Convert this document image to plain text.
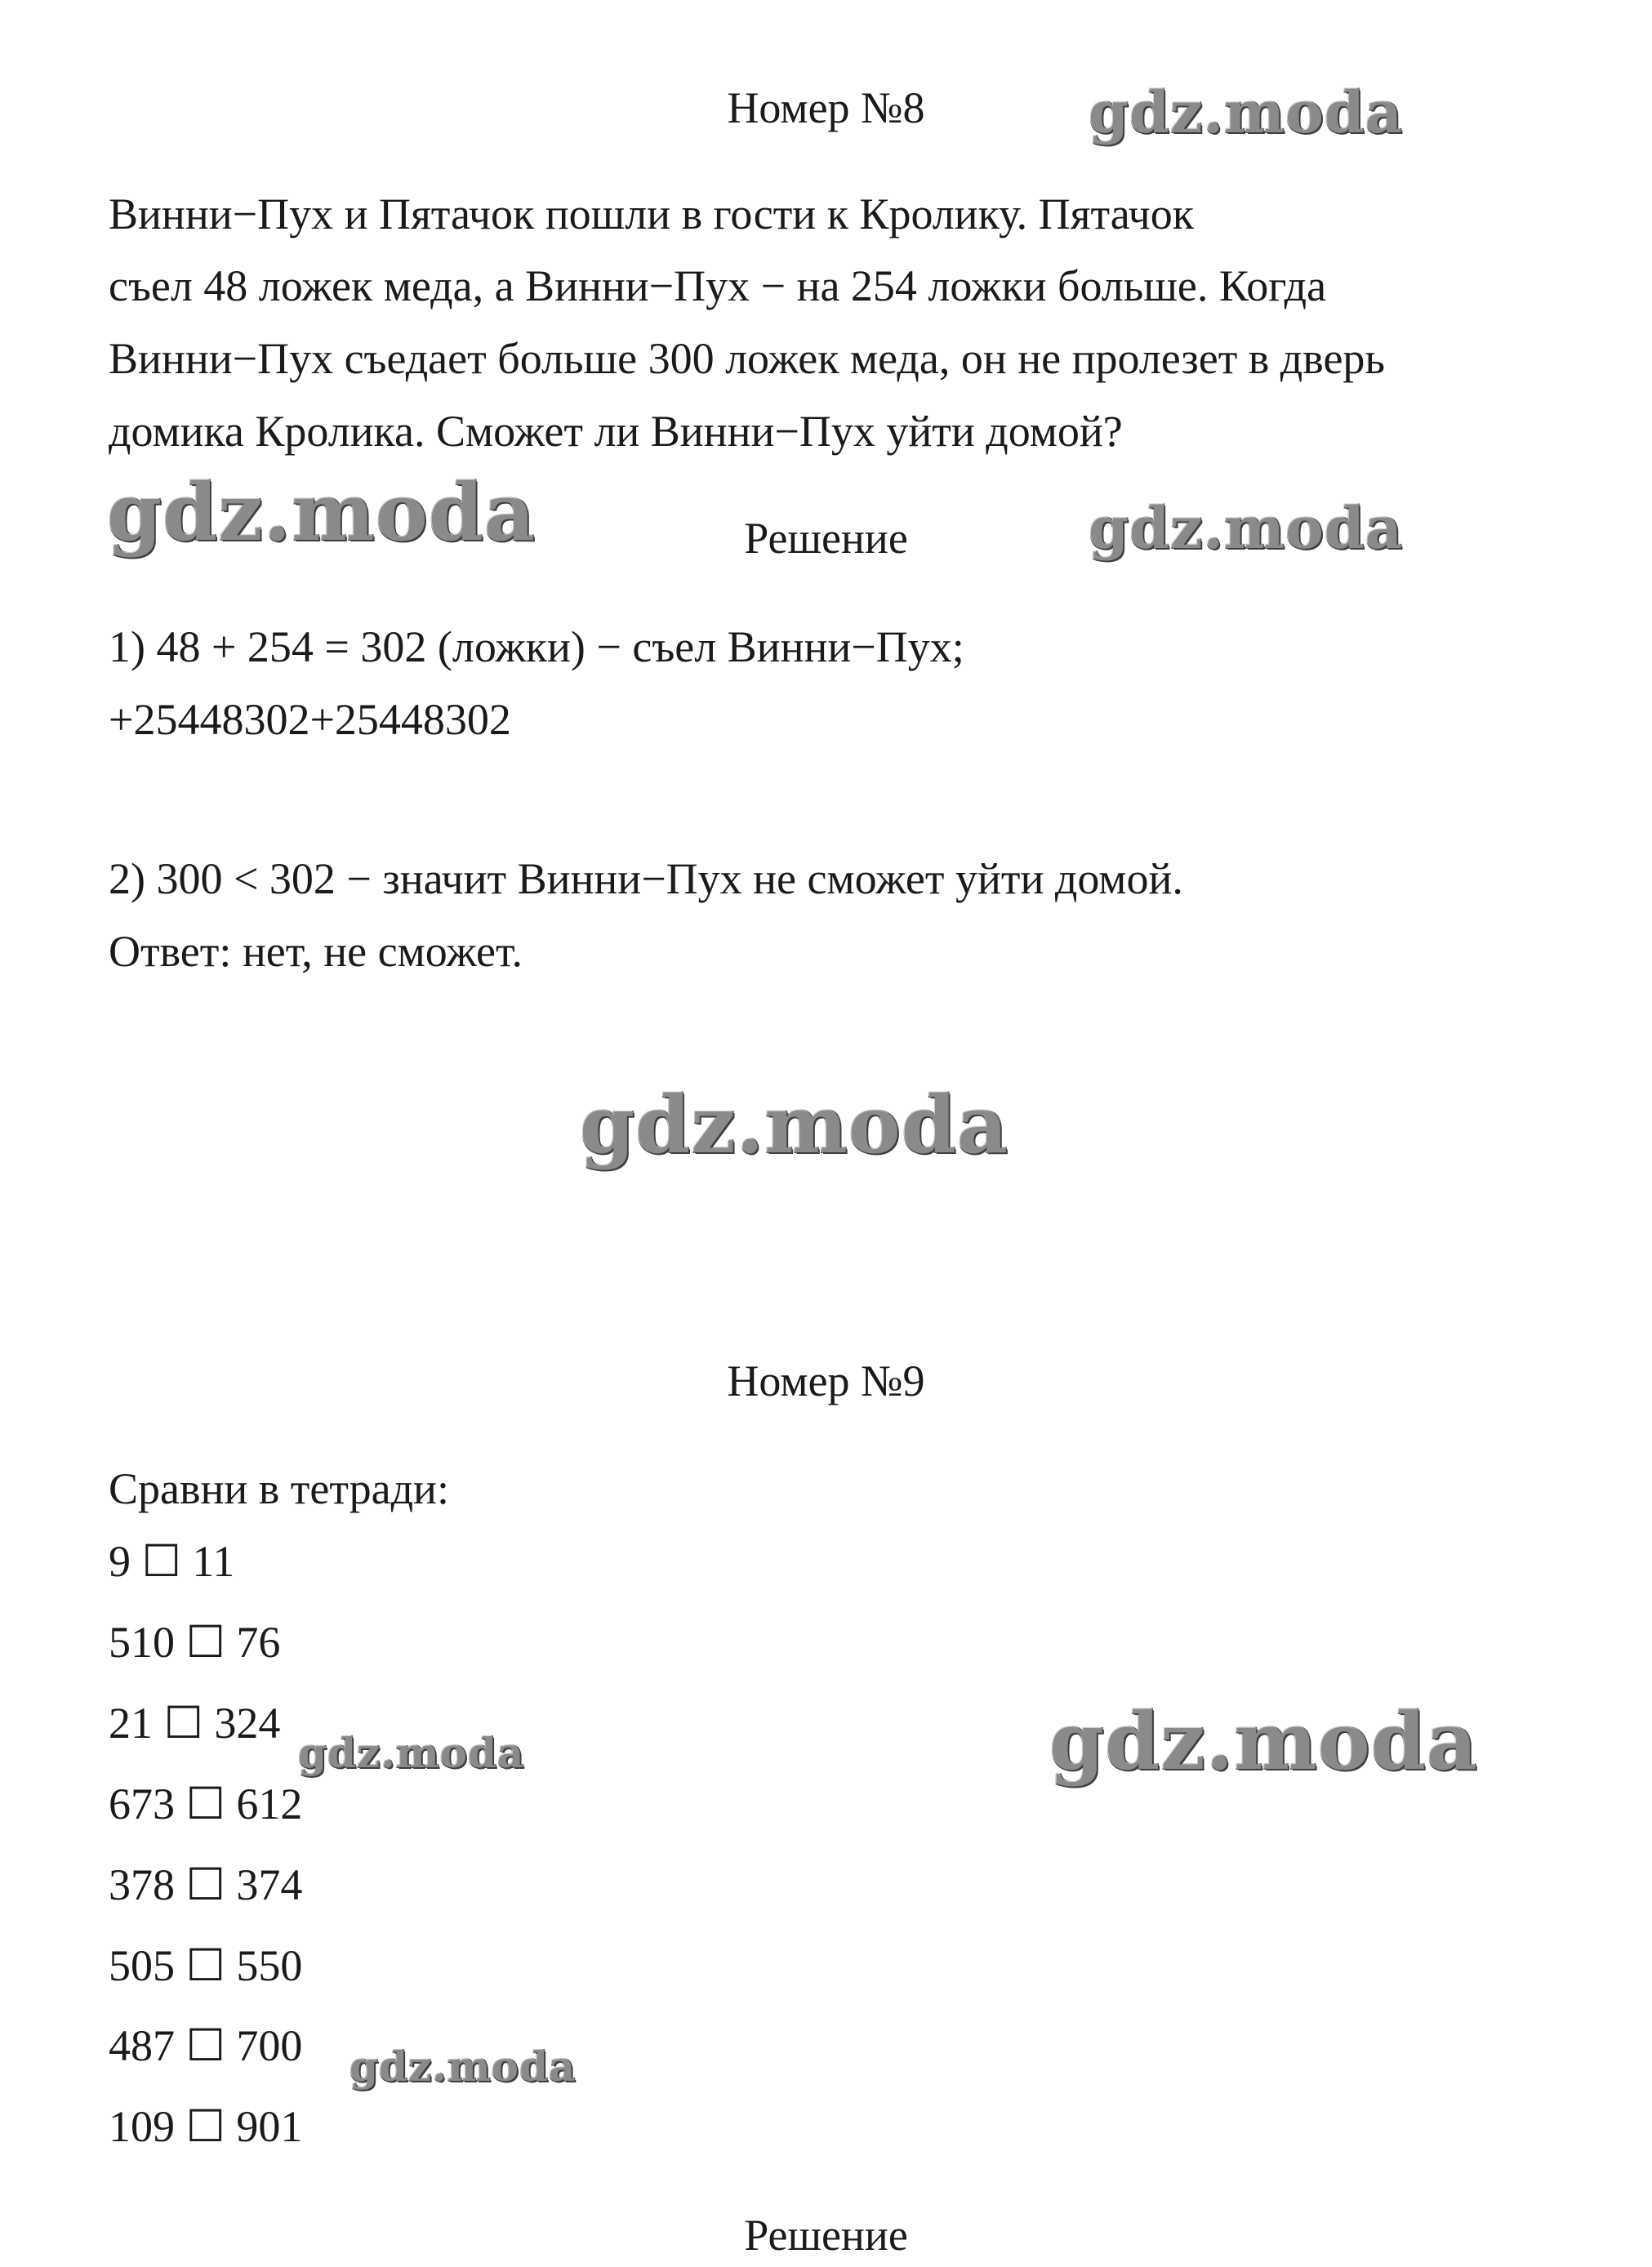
Номер №8
Винни−Пух и Пятачок пошли в гости к Кролику. Пятачок
съел 48 ложек меда, а Винни−Пух − на 254 ложки больше. Когда
Винни−Пух съедает больше 300 ложек меда, он не пролезет в дверь
домика Кролика. Сможет ли Винни−Пух уйти домой?
Решение
1) 48 + 254 = 302 (ложки) − съел Винни−Пух;
+25448302+25448302
2) 300 < 302 − значит Винни−Пух не сможет уйти домой.
Ответ: нет, не сможет.
Номер №9
Сравни в тетради:
9 ☐ 11
510 ☐ 76
21 ☐ 324
673 ☐ 612
378 ☐ 374
505 ☐ 550
487 ☐ 700
109 ☐ 901
Решение
gdz.moda
gdz.moda	gdz.moda
gdz.moda
gdz.moda
gdz.moda
gdz.moda
